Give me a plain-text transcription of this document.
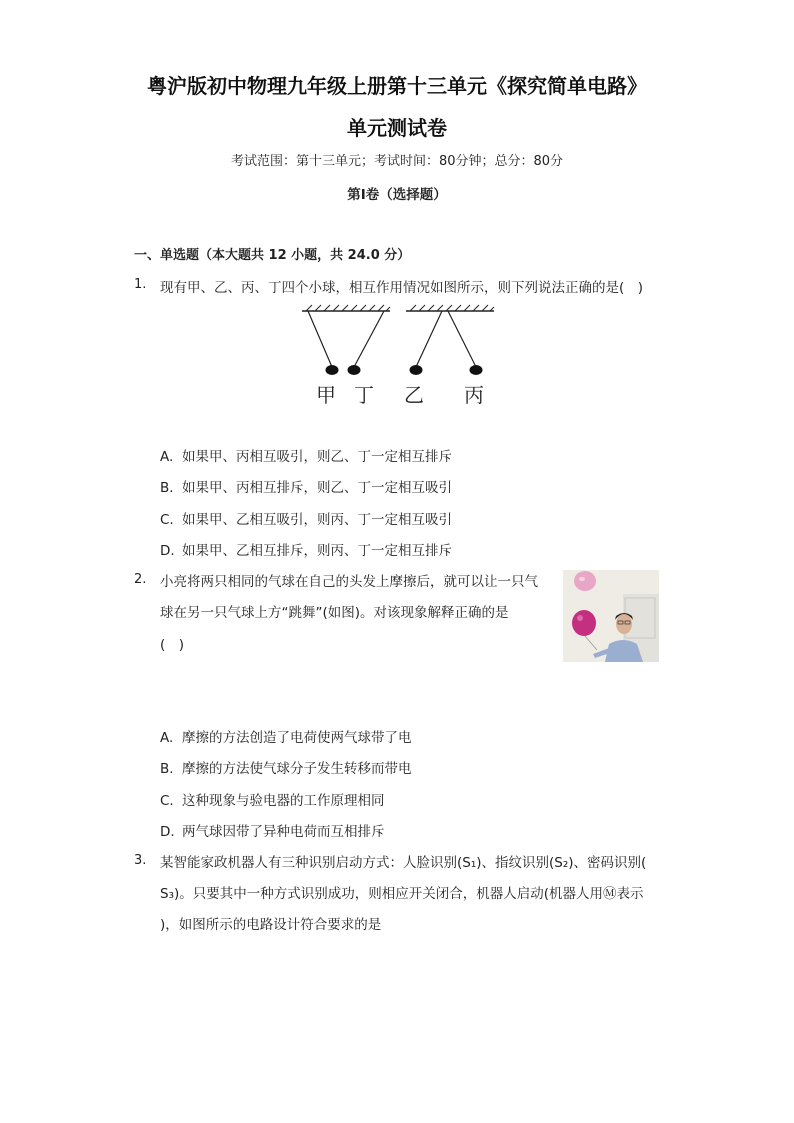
粤沪版初中物理九年级上册第十三单元《探究简单电路》
单元测试卷
考试范围：第十三单元；考试时间：80分钟；总分：80分
第Ⅰ卷（选择题）
一、单选题（本大题共 12 小题，共 24.0 分）
1. 现有甲、乙、丙、丁四个小球，相互作用情况如图所示，则下列说法正确的是(　)
甲 丁 乙 丙
A. 如果甲、丙相互吸引，则乙、丁一定相互排斥
B. 如果甲、丙相互排斥，则乙、丁一定相互吸引
C. 如果甲、乙相互吸引，则丙、丁一定相互吸引
D. 如果甲、乙相互排斥，则丙、丁一定相互排斥
2. 小亮将两只相同的气球在自己的头发上摩擦后，就可以让一只气
球在另一只气球上方“跳舞”(如图)。对该现象解释正确的是
(　)
A. 摩擦的方法创造了电荷使两气球带了电
B. 摩擦的方法使气球分子发生转移而带电
C. 这种现象与验电器的工作原理相同
D. 两气球因带了异种电荷而互相排斥
3. 某智能家政机器人有三种识别启动方式：人脸识别(S₁)、指纹识别(S₂)、密码识别(
S₃)。只要其中一种方式识别成功，则相应开关闭合，机器人启动(机器人用Ⓜ表示
)，如图所示的电路设计符合要求的是
